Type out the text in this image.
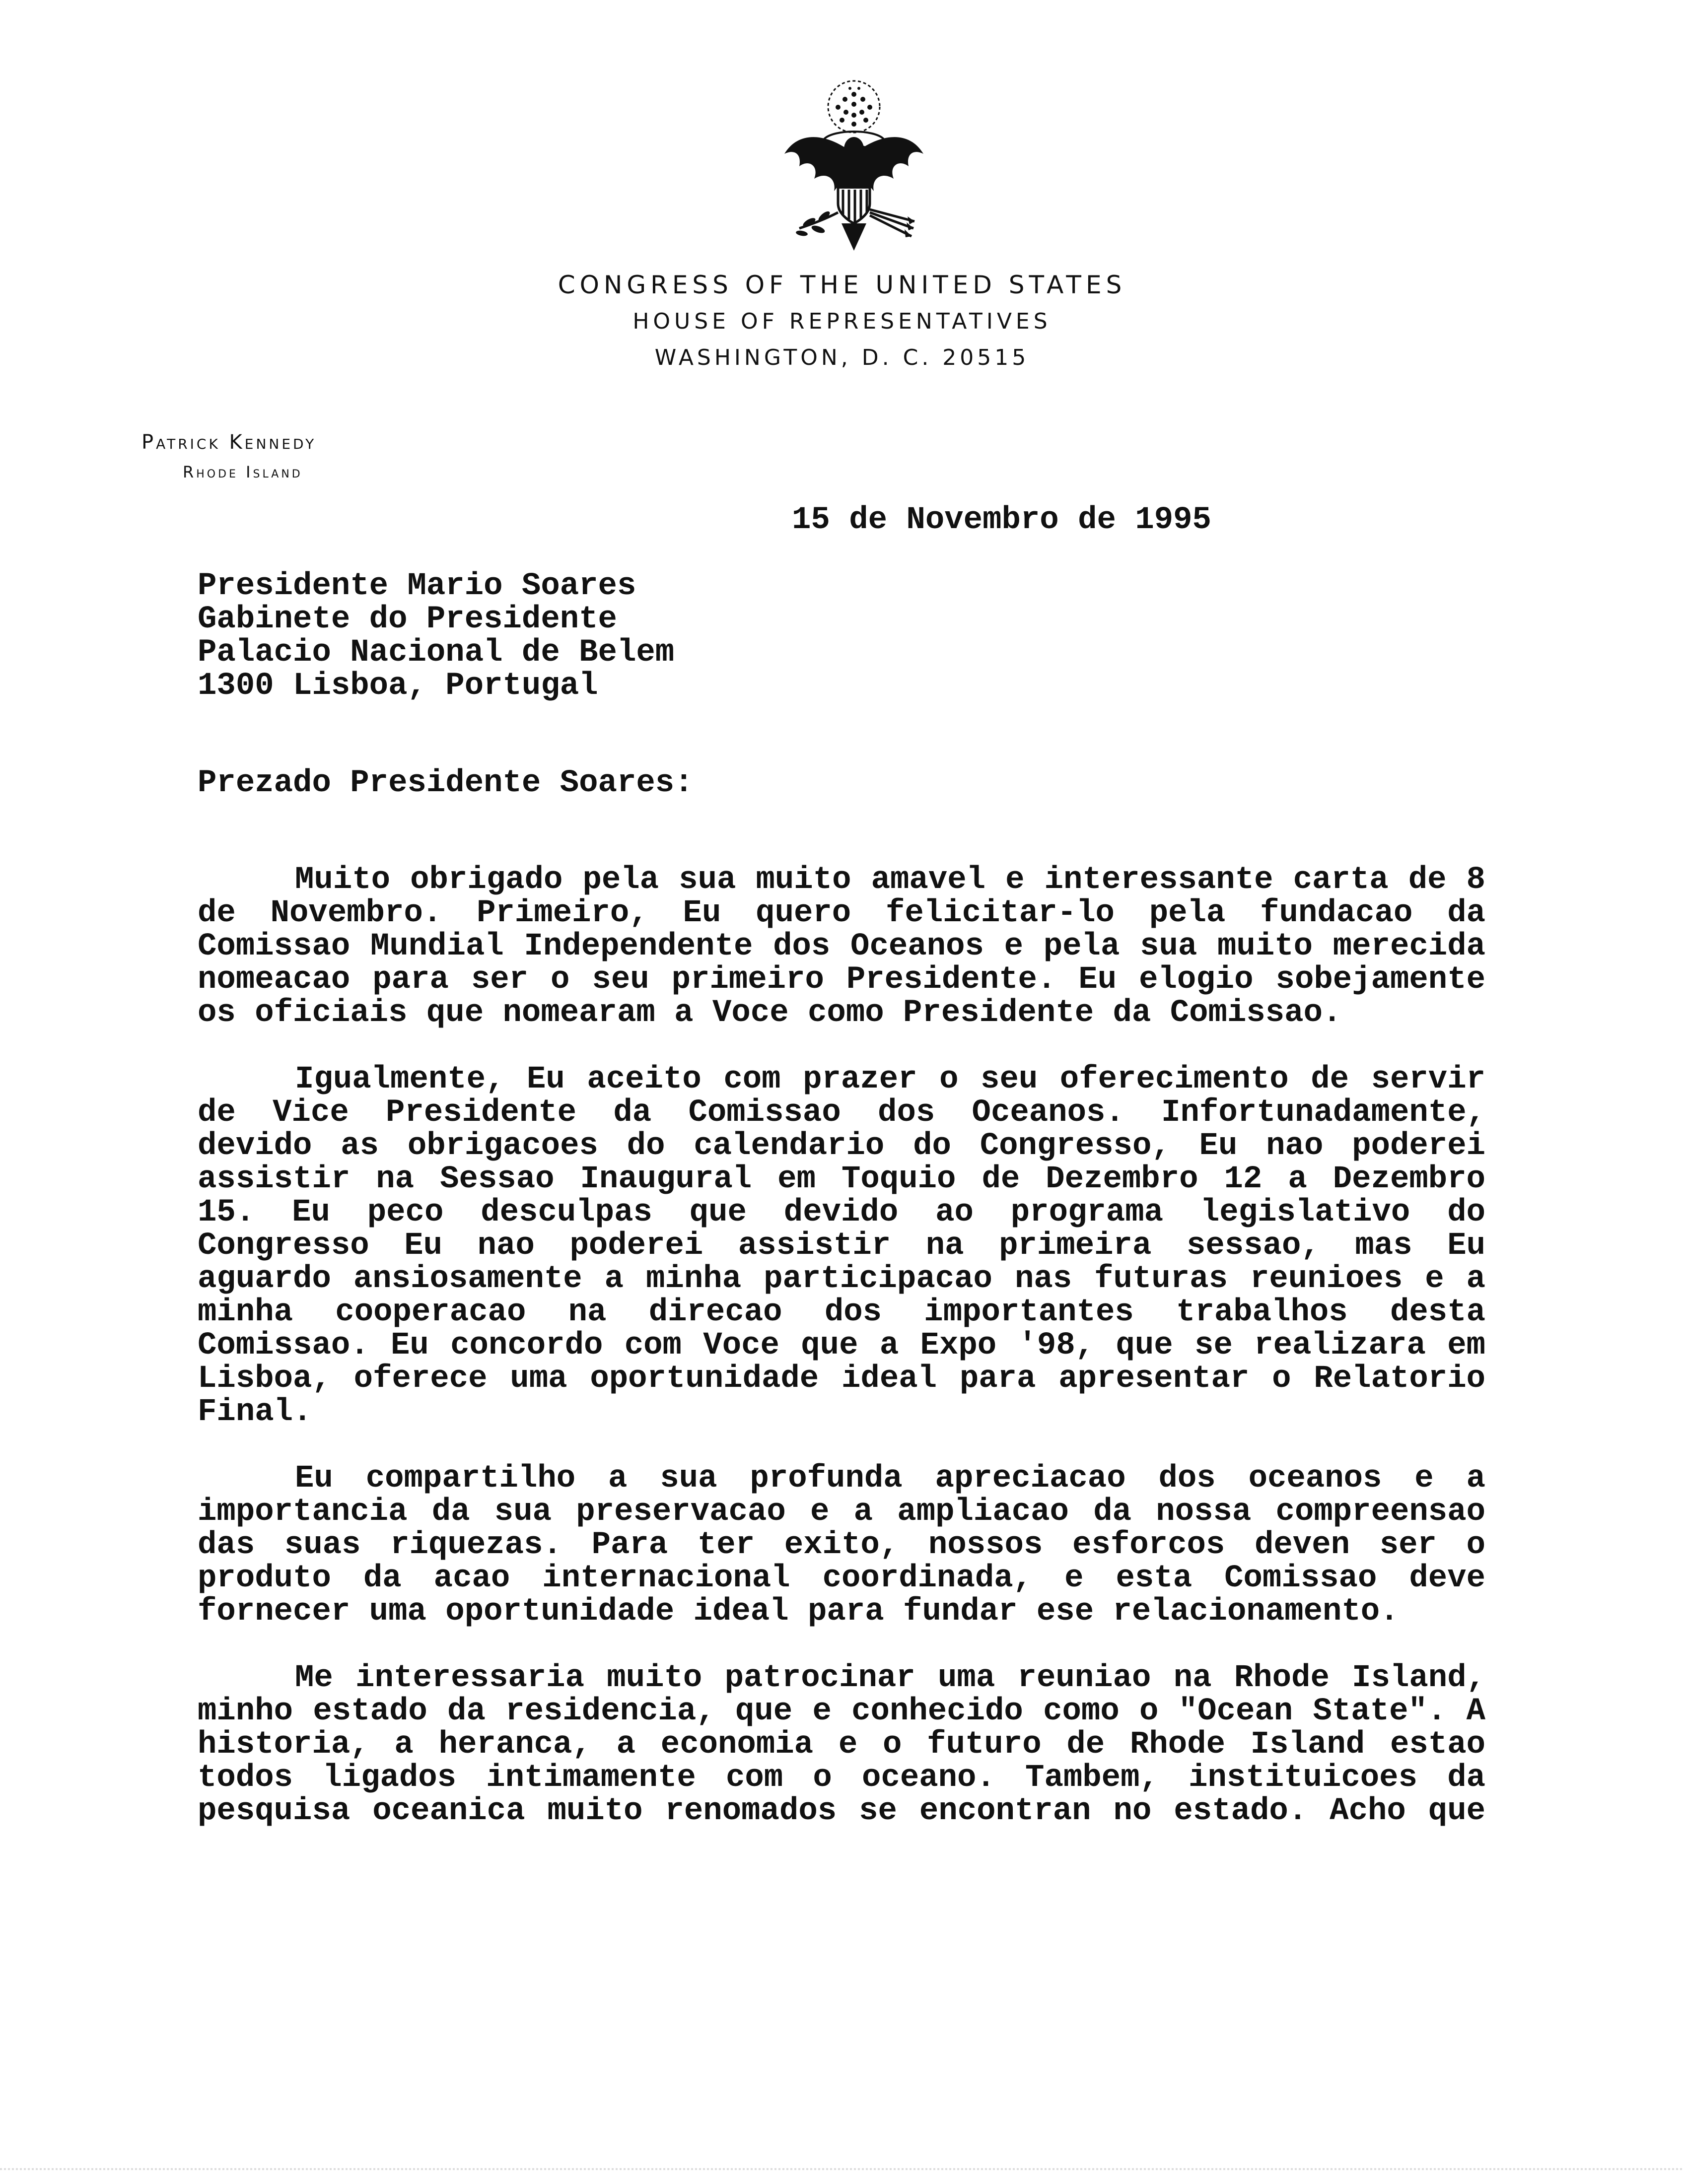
CONGRESS OF THE UNITED STATES
HOUSE OF REPRESENTATIVES
WASHINGTON, D. C. 20515
Patrick Kennedy
Rhode Island
15 de Novembro de 1995
Presidente Mario Soares
Gabinete do Presidente
Palacio Nacional de Belem
1300 Lisboa, Portugal
Prezado Presidente Soares:

Muito obrigado pela sua muito amavel e interessante carta de 8 de Novembro. Primeiro, Eu quero felicitar-lo pela fundacao da Comissao Mundial Independente dos Oceanos e pela sua muito merecida nomeacao para ser o seu primeiro Presidente. Eu elogio sobejamente os oficiais que nomearam a Voce como Presidente da Comissao.

Igualmente, Eu aceito com prazer o seu oferecimento de servir de Vice Presidente da Comissao dos Oceanos. Infortunadamente, devido as obrigacoes do calendario do Congresso, Eu nao poderei assistir na Sessao Inaugural em Toquio de Dezembro 12 a Dezembro 15. Eu peco desculpas que devido ao programa legislativo do Congresso Eu nao poderei assistir na primeira sessao, mas Eu aguardo ansiosamente a minha participacao nas futuras reunioes e a minha cooperacao na direcao dos importantes trabalhos desta Comissao. Eu concordo com Voce que a Expo '98, que se realizara em Lisboa, oferece uma oportunidade ideal para apresentar o Relatorio Final.

Eu compartilho a sua profunda apreciacao dos oceanos e a importancia da sua preservacao e a ampliacao da nossa compreensao das suas riquezas. Para ter exito, nossos esforcos deven ser o produto da acao internacional coordinada, e esta Comissao deve fornecer uma oportunidade ideal para fundar ese relacionamento.

Me interessaria muito patrocinar uma reuniao na Rhode Island, minho estado da residencia, que e conhecido como o "Ocean State". A historia, a heranca, a economia e o futuro de Rhode Island estao todos ligados intimamente com o oceano. Tambem, instituicoes da pesquisa oceanica muito renomados se encontran no estado. Acho que
